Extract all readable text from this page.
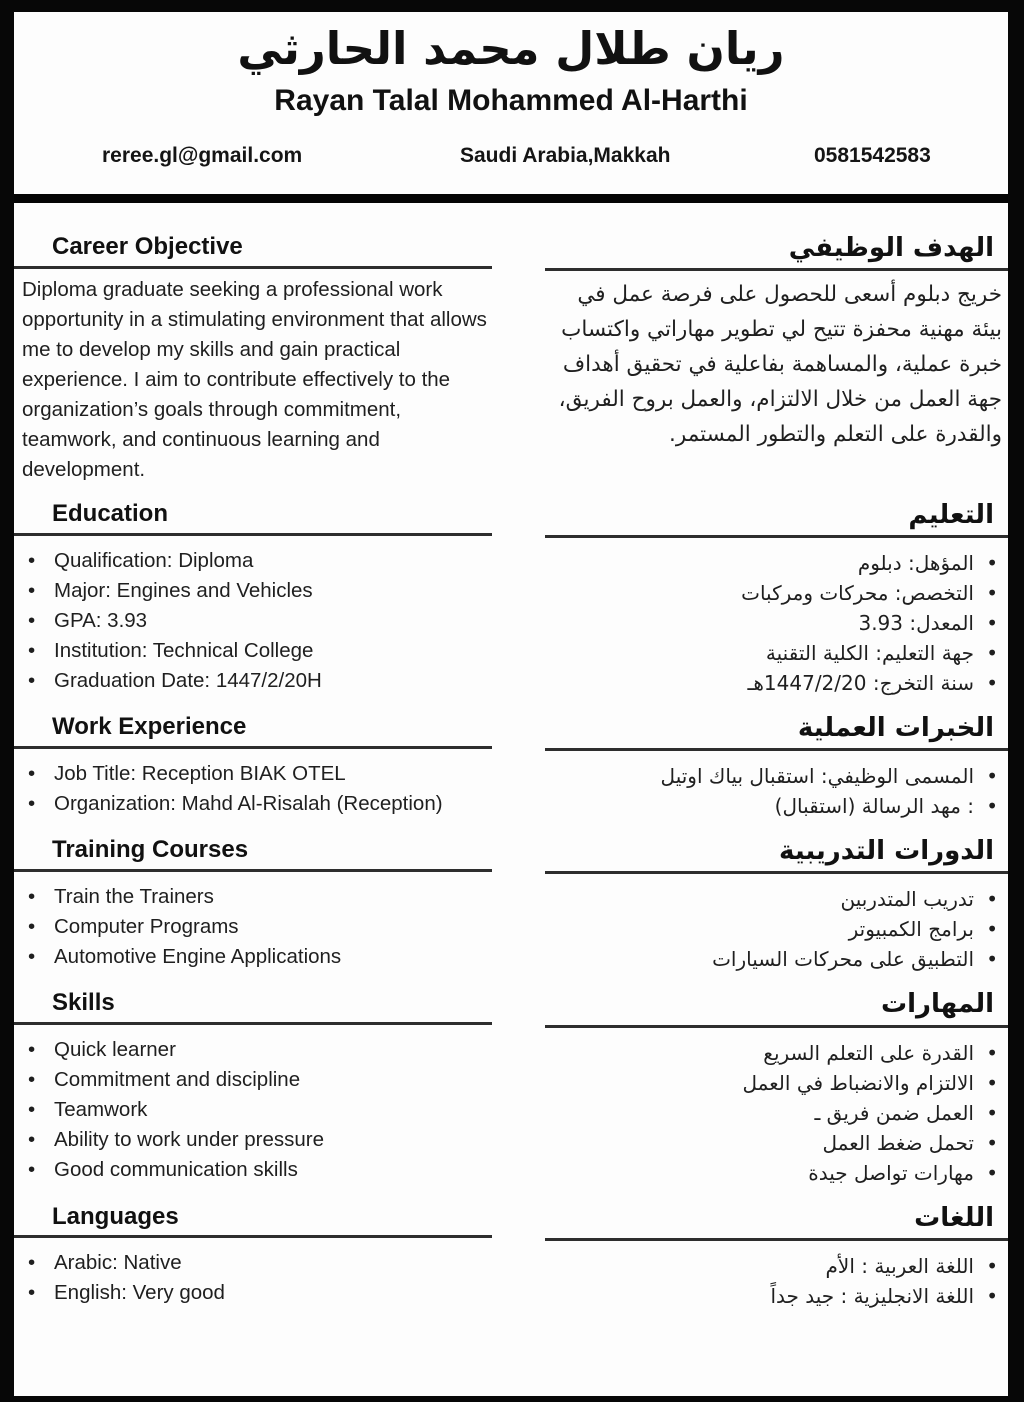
ريان طلال محمد الحارثي
Rayan Talal Mohammed Al-Harthi
reree.gl@gmail.com	Saudi Arabia,Makkah	0581542583
Career Objective

Diploma graduate seeking a professional work opportunity in a stimulating environment that allows me to develop my skills and gain practical experience. I aim to contribute effectively to the organization’s goals through commitment, teamwork, and continuous learning and development.

الهدف الوظيفي

خريج دبلوم أسعى للحصول على فرصة عمل في بيئة مهنية محفزة تتيح لي تطوير مهاراتي واكتساب خبرة عملية، والمساهمة بفاعلية في تحقيق أهداف جهة العمل من خلال الالتزام، والعمل بروح الفريق، والقدرة على التعلم والتطور المستمر.

Education
• Qualification: Diploma
• Major: Engines and Vehicles
• GPA: 3.93
• Institution: Technical College
• Graduation Date: 1447/2/20H
التعليم
• المؤهل: دبلوم
• التخصص: محركات ومركبات
• المعدل: 3.93
• جهة التعليم: الكلية التقنية
• سنة التخرج: 1447/2/20هـ
Work Experience
• Job Title: Reception BIAK OTEL
• Organization: Mahd Al-Risalah (Reception)
الخبرات العملية
• المسمى الوظيفي: استقبال بياك اوتيل
• : مهد الرسالة (استقبال)
Training Courses
• Train the Trainers
• Computer Programs
• Automotive Engine Applications
الدورات التدريبية
• تدريب المتدربين
• برامج الكمبيوتر
• التطبيق على محركات السيارات
Skills
• Quick learner
• Commitment and discipline
• Teamwork
• Ability to work under pressure
• Good communication skills
المهارات
• القدرة على التعلم السريع
• الالتزام والانضباط في العمل
• العمل ضمن فريق ـ
• تحمل ضغط العمل
• مهارات تواصل جيدة
Languages
• Arabic: Native
• English: Very good
اللغات
• اللغة العربية : الأم
• اللغة الانجليزية : جيد جداً
